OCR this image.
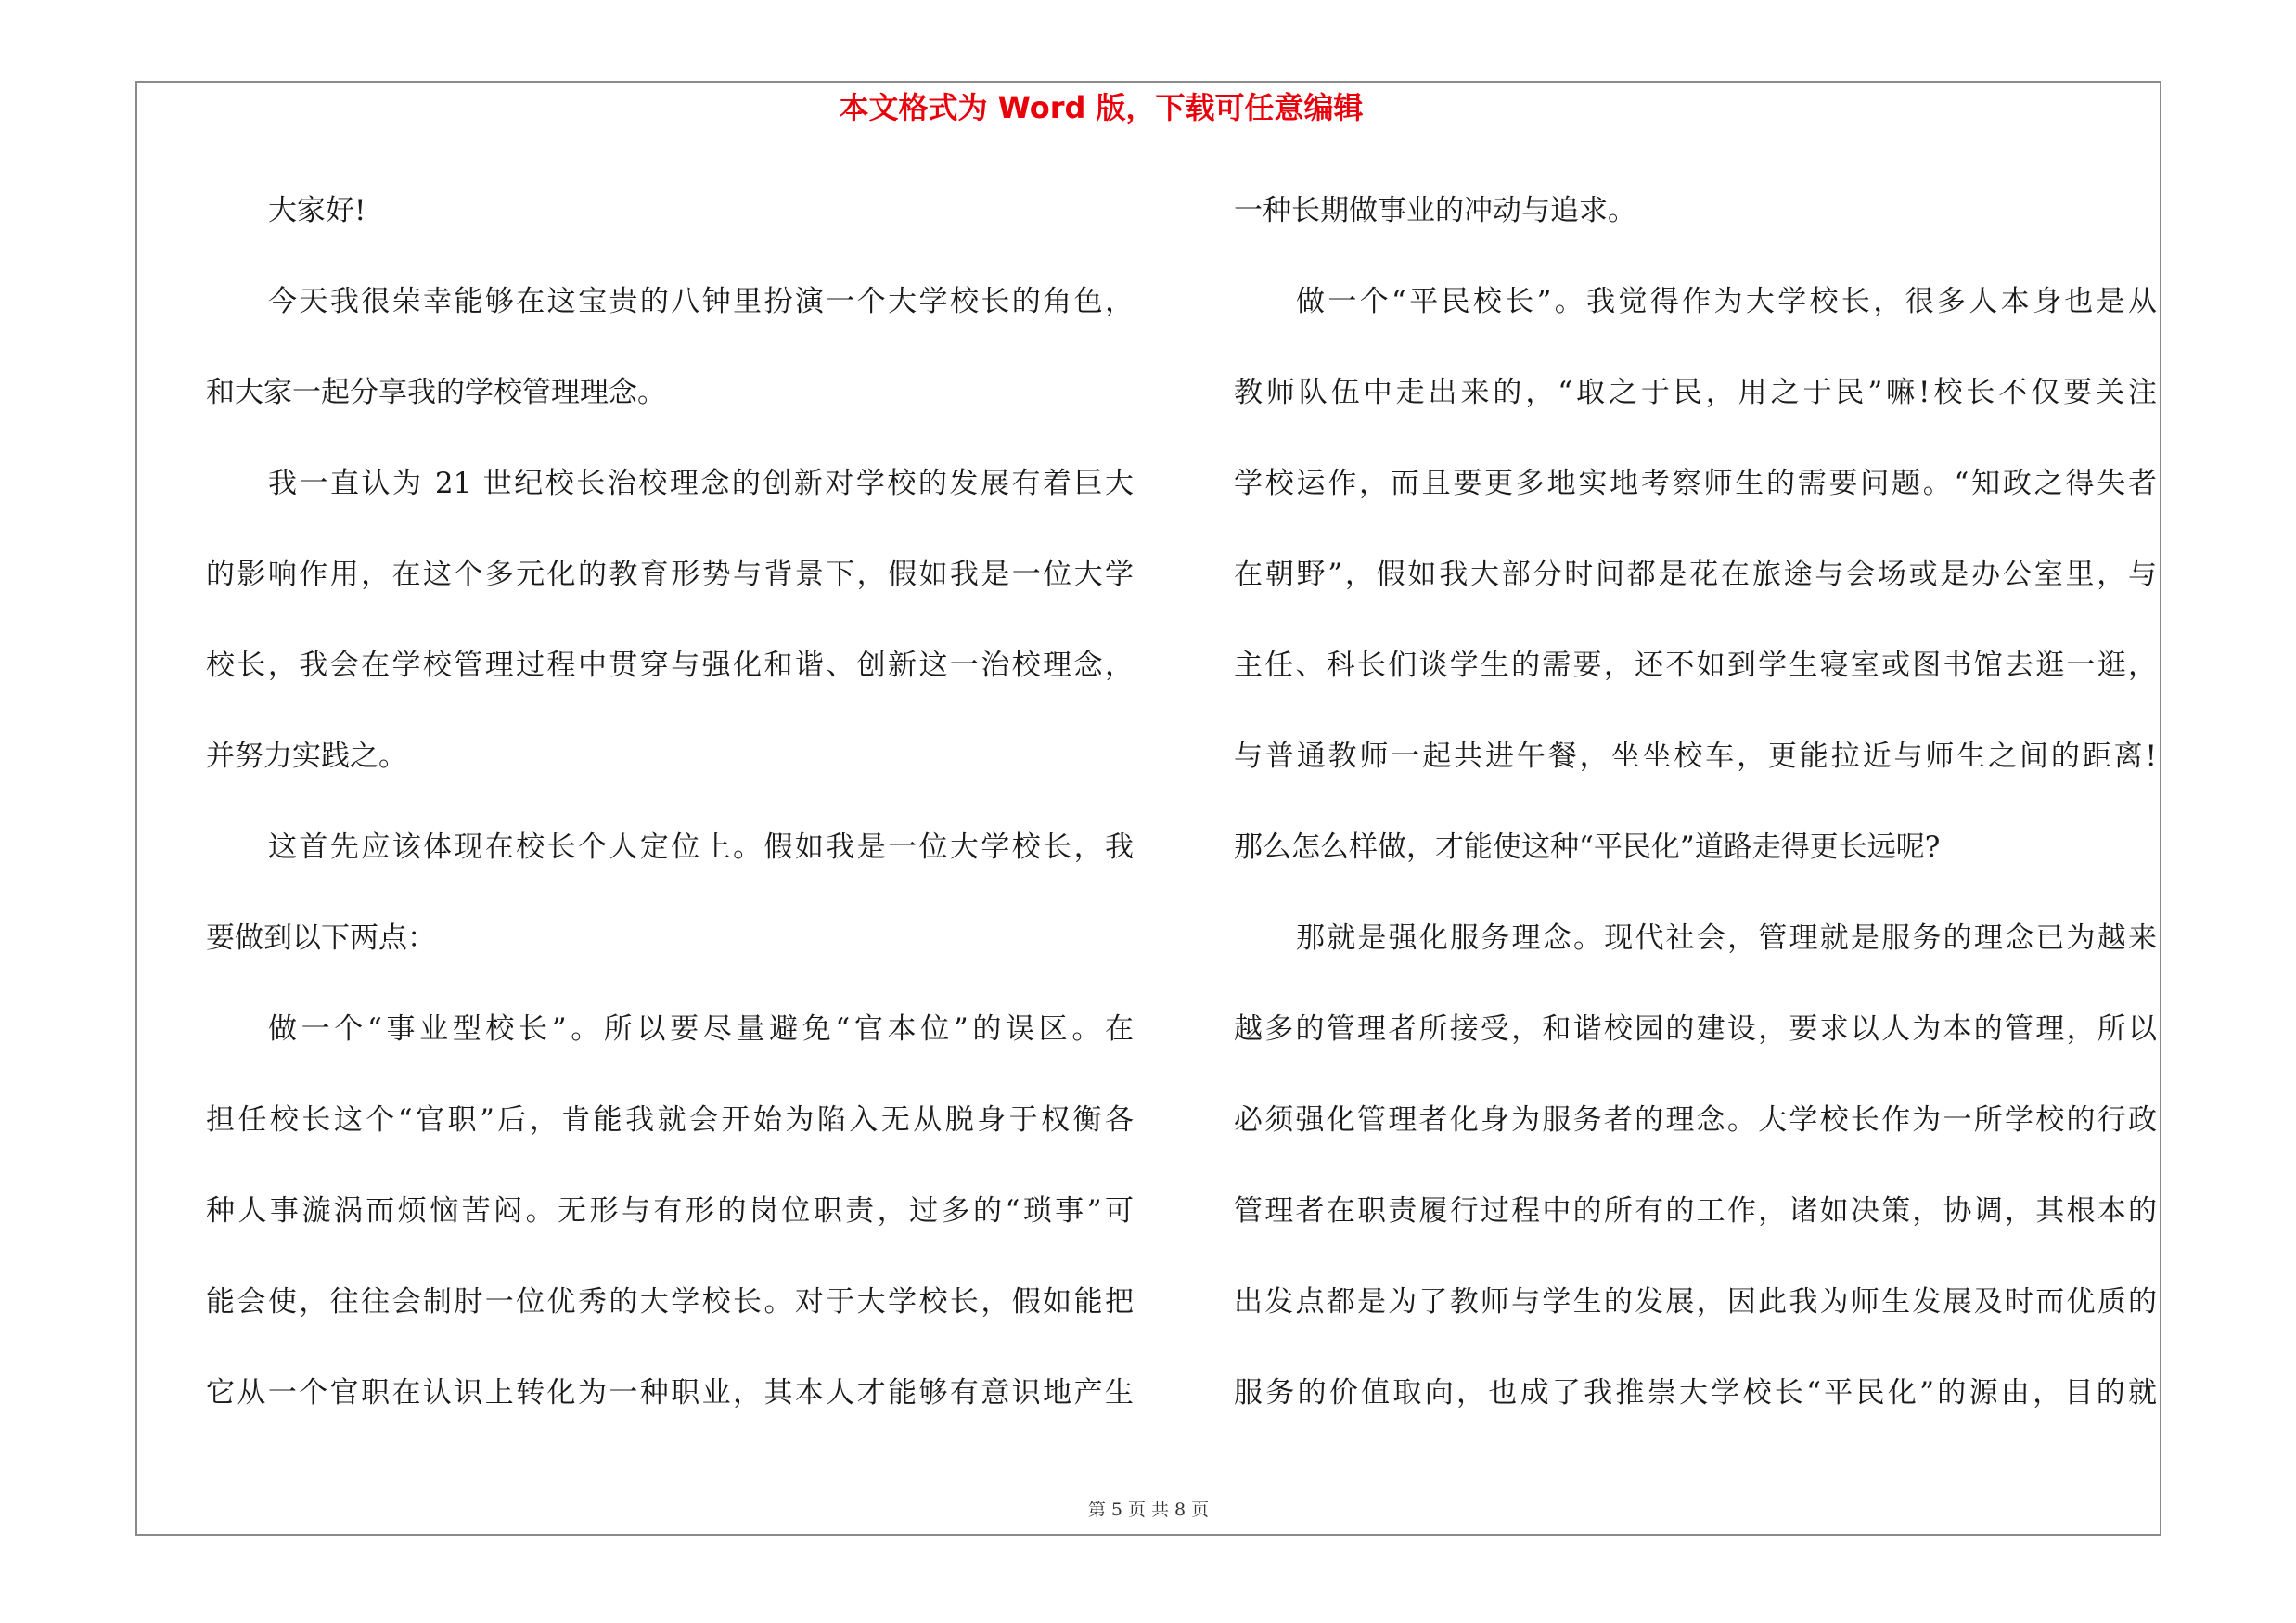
本文格式为 Word 版，下载可任意编辑
大家好!
今天我很荣幸能够在这宝贵的八钟里扮演一个大学校长的角色，
和大家一起分享我的学校管理理念。
我一直认为 21 世纪校长治校理念的创新对学校的发展有着巨大
的影响作用，在这个多元化的教育形势与背景下，假如我是一位大学
校长，我会在学校管理过程中贯穿与强化和谐、创新这一治校理念，
并努力实践之。
这首先应该体现在校长个人定位上。假如我是一位大学校长，我
要做到以下两点：
做一个“事业型校长”。所以要尽量避免“官本位”的误区。在
担任校长这个“官职”后，肯能我就会开始为陷入无从脱身于权衡各
种人事漩涡而烦恼苦闷。无形与有形的岗位职责，过多的“琐事”可
能会使，往往会制肘一位优秀的大学校长。对于大学校长，假如能把
它从一个官职在认识上转化为一种职业，其本人才能够有意识地产生
一种长期做事业的冲动与追求。
做一个“平民校长”。我觉得作为大学校长，很多人本身也是从
教师队伍中走出来的，“取之于民，用之于民”嘛!校长不仅要关注
学校运作，而且要更多地实地考察师生的需要问题。“知政之得失者
在朝野”，假如我大部分时间都是花在旅途与会场或是办公室里，与
主任、科长们谈学生的需要，还不如到学生寝室或图书馆去逛一逛，
与普通教师一起共进午餐，坐坐校车，更能拉近与师生之间的距离!
那么怎么样做，才能使这种“平民化”道路走得更长远呢?
那就是强化服务理念。现代社会，管理就是服务的理念已为越来
越多的管理者所接受，和谐校园的建设，要求以人为本的管理，所以
必须强化管理者化身为服务者的理念。大学校长作为一所学校的行政
管理者在职责履行过程中的所有的工作，诸如决策，协调，其根本的
出发点都是为了教师与学生的发展，因此我为师生发展及时而优质的
服务的价值取向，也成了我推崇大学校长“平民化”的源由，目的就
第 5 页 共 8 页
